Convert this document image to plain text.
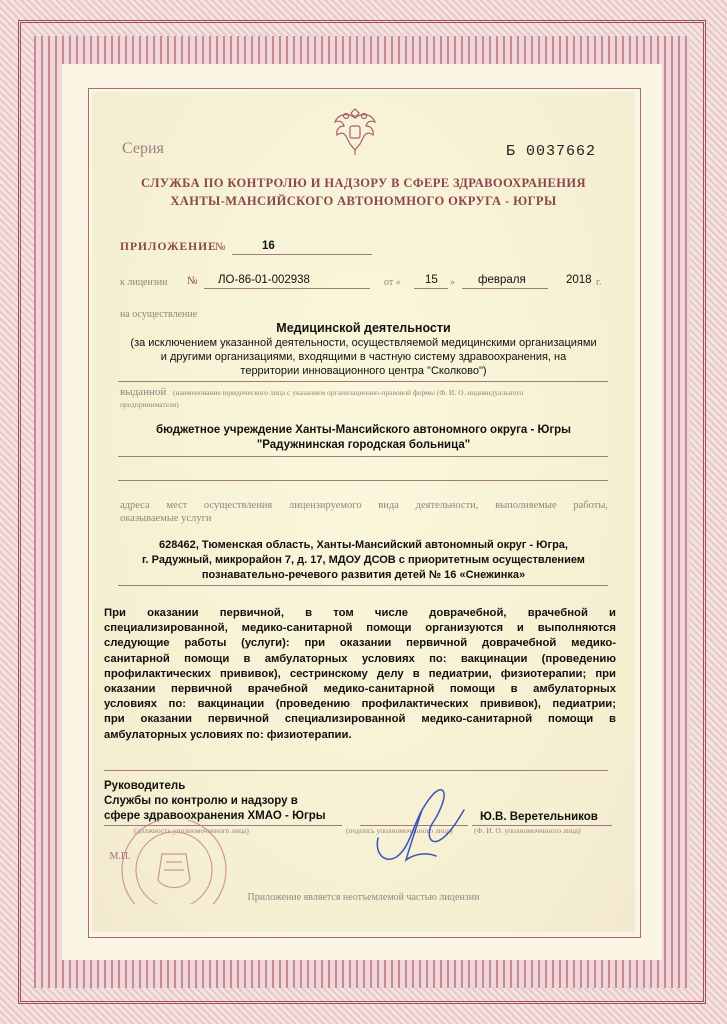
Серия	Б 0037662
СЛУЖБА ПО КОНТРОЛЮ И НАДЗОРУ В СФЕРЕ ЗДРАВООХРАНЕНИЯ
ХАНТЫ-МАНСИЙСКОГО АВТОНОМНОГО ОКРУГА - ЮГРЫ
ПРИЛОЖЕНИЕ
№	16
к лицензии № ЛО-86-01-002938	от « 15 » февраля	2018 г.
на осуществление
Медицинской деятельности
(за исключением указанной деятельности, осуществляемой медицинскими организациями
и другими организациями, входящими в частную систему здравоохранения, на
территории инновационного центра "Сколково")
выданной (наименование юридического лица с указанием организационно-правовой формы (Ф. И. О. индивидуального
предпринимателя)
бюджетное учреждение Ханты-Мансийского автономного округа - Югры
"Радужнинская городская больница"
адреса мест осуществления лицензируемого вида деятельности, выполняемые работы,
оказываемые услуги
628462, Тюменская область, Ханты-Мансийский автономный округ - Югра,
г. Радужный, микрорайон 7, д. 17, МДОУ ДСОВ с приоритетным осуществлением
познавательно-речевого развития детей № 16 «Снежинка»
При оказании первичной, в том числе доврачебной, врачебной и
специализированной, медико-санитарной помощи организуются и выполняются
следующие работы (услуги): при оказании первичной доврачебной медико-
санитарной помощи в амбулаторных условиях по: вакцинации (проведению
профилактических прививок), сестринскому делу в педиатрии, физиотерапии; при
оказании первичной врачебной медико-санитарной помощи в амбулаторных
условиях по: вакцинации (проведению профилактических прививок), педиатрии;
при оказании первичной специализированной медико-санитарной помощи в
амбулаторных условиях по: физиотерапии.
Руководитель
Службы по контролю и надзору в
сфере здравоохранения ХМАО - Югры	Ю.В. Веретельников
(должность уполномоченного лица)	(подпись уполномоченного лица)	(Ф. И. О. уполномоченного лица)
М.П.
Приложение является неотъемлемой частью лицензии
